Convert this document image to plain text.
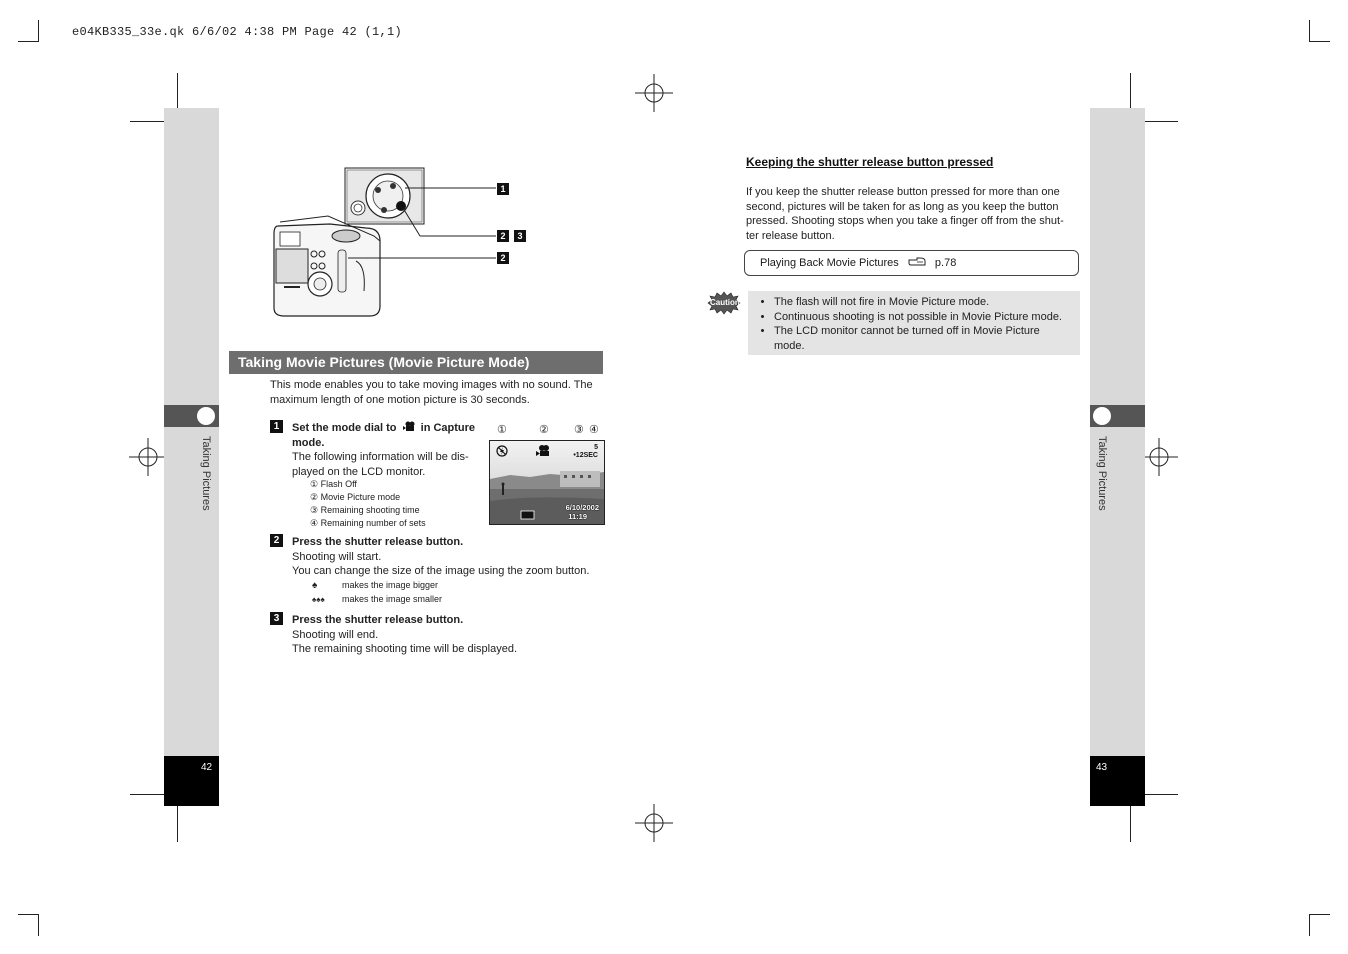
e04KB335_33e.qk 6/6/02 4:38 PM Page 42 (1,1)
Taking Pictures
42
Taking Pictures
43
1
2	3
2
Taking Movie Pictures (Movie Picture Mode)
This mode enables you to take moving images with no sound. The
maximum length of one motion picture is 30 seconds.
1	Set the mode dial to in Capture
mode.
The following information will be dis-
played on the LCD monitor.
① Flash Off
② Movie Picture mode
③ Remaining shooting time
④ Remaining number of sets
①	② ③ ④
5
•12SEC
6/10/2002
11:19
2	Press the shutter release button.
Shooting will start.
You can change the size of the image using the zoom button.
♠	makes the image bigger
♠♠♠ makes the image smaller
3	Press the shutter release button.
Shooting will end.
The remaining shooting time will be displayed.
Keeping the shutter release button pressed
If you keep the shutter release button pressed for more than one
second, pictures will be taken for as long as you keep the button
pressed. Shooting stops when you take a finger off from the shut-
ter release button.
Playing Back Movie Pictures	p.78
Caution
•	The flash will not fire in Movie Picture mode.
• Continuous shooting is not possible in Movie Picture mode.
• The LCD monitor cannot be turned off in Movie Picture mode.
